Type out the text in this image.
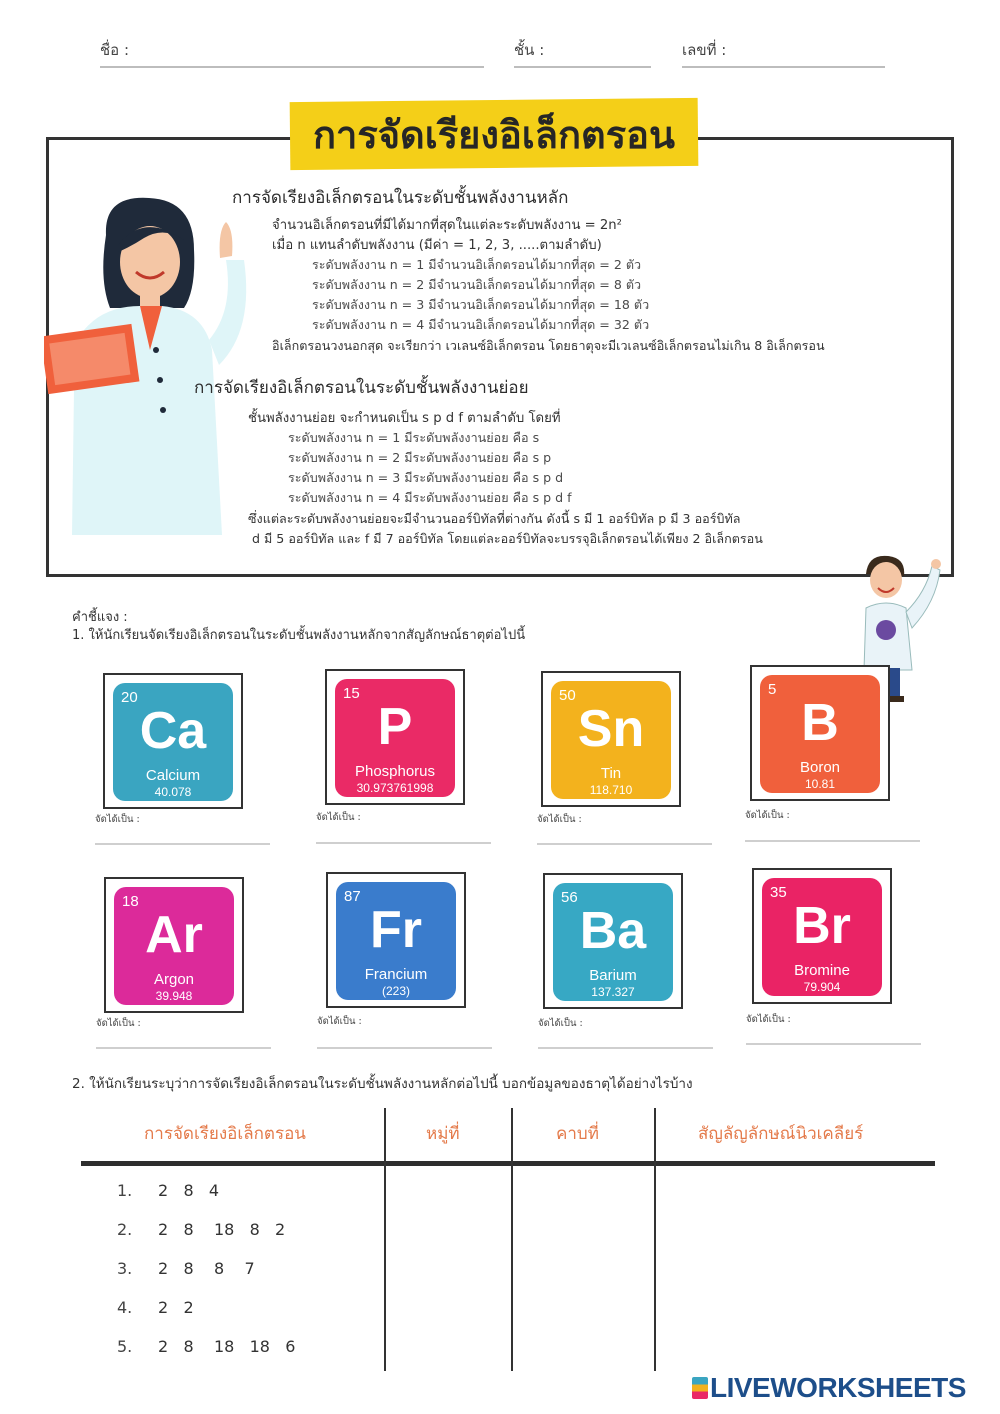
ชื่อ :	ชั้น :	เลขที่ :
การจัดเรียงอิเล็กตรอน
การจัดเรียงอิเล็กตรอนในระดับชั้นพลังงานหลัก
จำนวนอิเล็กตรอนที่มีได้มากที่สุดในแต่ละระดับพลังงาน = 2n²
เมื่อ n แทนลำดับพลังงาน (มีค่า = 1, 2, 3, .....ตามลำดับ)
ระดับพลังงาน n = 1 มีจำนวนอิเล็กตรอนได้มากที่สุด = 2 ตัว
ระดับพลังงาน n = 2 มีจำนวนอิเล็กตรอนได้มากที่สุด = 8 ตัว
ระดับพลังงาน n = 3 มีจำนวนอิเล็กตรอนได้มากที่สุด = 18 ตัว
ระดับพลังงาน n = 4 มีจำนวนอิเล็กตรอนได้มากที่สุด = 32 ตัว
อิเล็กตรอนวงนอกสุด จะเรียกว่า เวเลนซ์อิเล็กตรอน โดยธาตุจะมีเวเลนซ์อิเล็กตรอนไม่เกิน 8 อิเล็กตรอน
การจัดเรียงอิเล็กตรอนในระดับชั้นพลังงานย่อย
ชั้นพลังงานย่อย จะกำหนดเป็น s p d f ตามลำดับ โดยที่
ระดับพลังงาน n = 1 มีระดับพลังงานย่อย คือ s
ระดับพลังงาน n = 2 มีระดับพลังงานย่อย คือ s p
ระดับพลังงาน n = 3 มีระดับพลังงานย่อย คือ s p d
ระดับพลังงาน n = 4 มีระดับพลังงานย่อย คือ s p d f
ซึ่งแต่ละระดับพลังงานย่อยจะมีจำนวนออร์บิทัลที่ต่างกัน ดังนี้ s มี 1 ออร์บิทัล p มี 3 ออร์บิทัล
d มี 5 ออร์บิทัล และ f มี 7 ออร์บิทัล โดยแต่ละออร์บิทัลจะบรรจุอิเล็กตรอนได้เพียง 2 อิเล็กตรอน
คำชี้แจง :
1. ให้นักเรียนจัดเรียงอิเล็กตรอนในระดับชั้นพลังงานหลักจากสัญลักษณ์ธาตุต่อไปนี้
20
Ca
Calcium
40.078
15
P
Phosphorus
30.973761998
50
Sn
Tin
118.710
5
B
Boron
10.81
จัดได้เป็น :	จัดได้เป็น :	จัดได้เป็น :	จัดได้เป็น :
18
Ar
Argon
39.948
87
Fr
Francium
(223)
56
Ba
Barium
137.327
35
Br
Bromine
79.904
จัดได้เป็น :	จัดได้เป็น :	จัดได้เป็น :	จัดได้เป็น :
2. ให้นักเรียนระบุว่าการจัดเรียงอิเล็กตรอนในระดับชั้นพลังงานหลักต่อไปนี้ บอกข้อมูลของธาตุได้อย่างไรบ้าง
การจัดเรียงอิเล็กตรอน	หมู่ที่	คาบที่	สัญลัญลักษณ์นิวเคลียร์
1. 2   8   4
2. 2   8    18   8   2
3. 2   8    8    7
4. 2   2
5. 2   8    18   18   6
LIVEWORKSHEETS
